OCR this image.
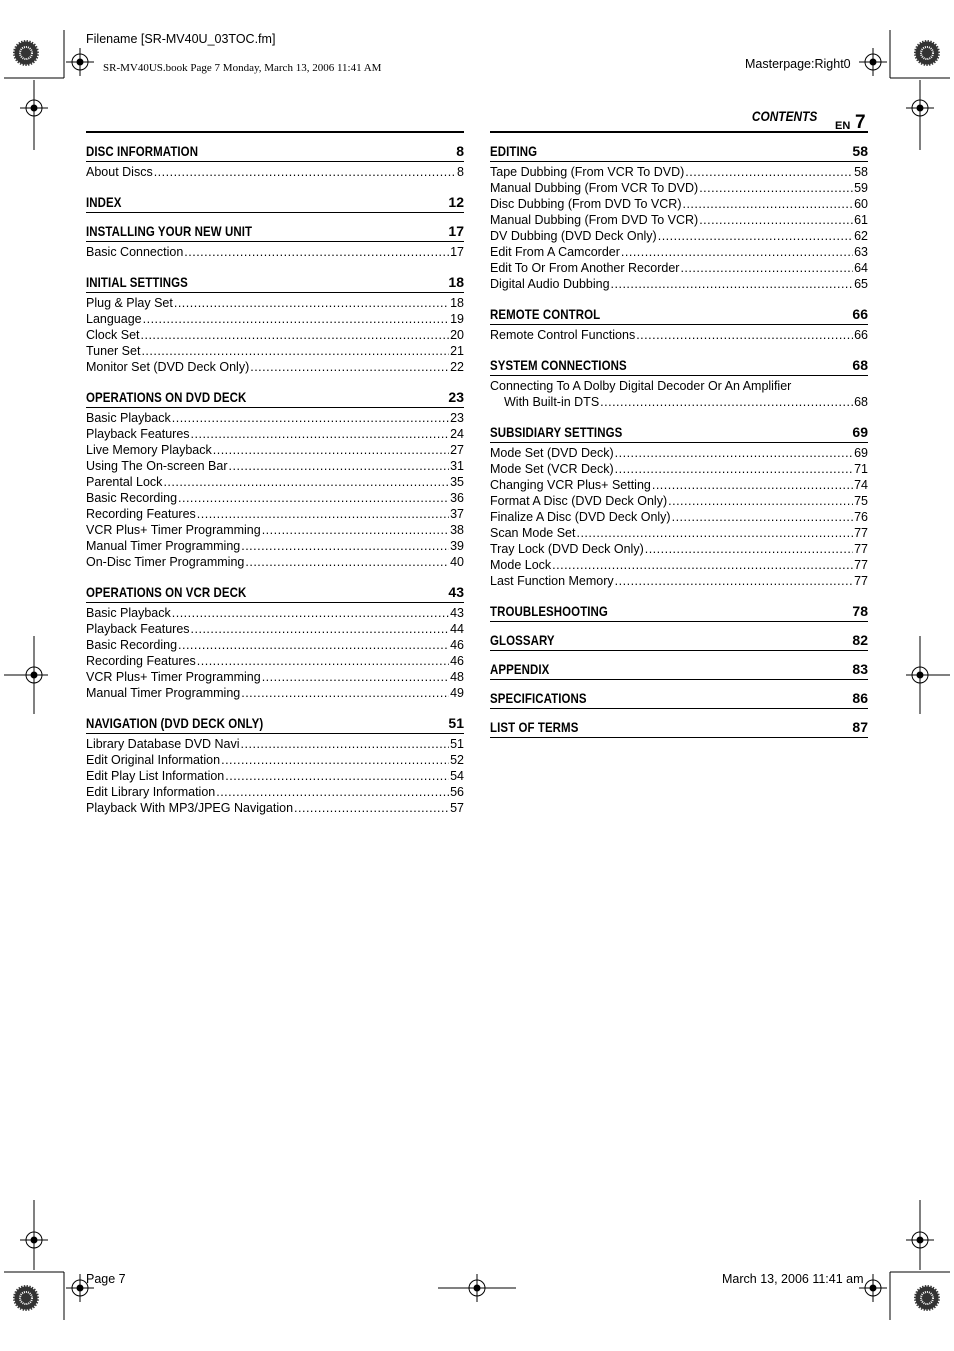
Filename [SR-MV40U_03TOC.fm]
SR-MV40US.book Page 7 Monday, March 13, 2006 11:41 AM	Masterpage:Right0
CONTENTS
EN 7
DISC INFORMATION	8
About Discs .....	8
INDEX	12
INSTALLING YOUR NEW UNIT	17
Basic Connection .....	17
INITIAL SETTINGS	18
Plug & Play Set .....	18
Language .....	19
Clock Set .....	20
Tuner Set .....	21
Monitor Set (DVD Deck Only) .....	22
OPERATIONS ON DVD DECK	23
Basic Playback .....	23
Playback Features .....	24
Live Memory Playback .....	27
Using The On-screen Bar .....	31
Parental Lock .....	35
Basic Recording .....	36
Recording Features .....	37
VCR Plus+ Timer Programming .....	38
Manual Timer Programming .....	39
On-Disc Timer Programming .....	40
OPERATIONS ON VCR DECK	43
Basic Playback .....	43
Playback Features .....	44
Basic Recording .....	46
Recording Features .....	46
VCR Plus+ Timer Programming .....	48
Manual Timer Programming .....	49
NAVIGATION (DVD DECK ONLY)	51
Library Database DVD Navi .....	51
Edit Original Information .....	52
Edit Play List Information .....	54
Edit Library Information .....	56
Playback With MP3/JPEG Navigation .....	57
EDITING	58
Tape Dubbing (From VCR To DVD) .....	58
Manual Dubbing (From VCR To DVD) .....	59
Disc Dubbing (From DVD To VCR) .....	60
Manual Dubbing (From DVD To VCR) .....	61
DV Dubbing (DVD Deck Only) .....	62
Edit From A Camcorder .....	63
Edit To Or From Another Recorder .....	64
Digital Audio Dubbing .....	65
REMOTE CONTROL	66
Remote Control Functions .....	66
SYSTEM CONNECTIONS	68
Connecting To A Dolby Digital Decoder Or An Amplifier
With Built-in DTS .....	68
SUBSIDIARY SETTINGS	69
Mode Set (DVD Deck) .....	69
Mode Set (VCR Deck) .....	71
Changing VCR Plus+ Setting .....	74
Format A Disc (DVD Deck Only) .....	75
Finalize A Disc (DVD Deck Only) .....	76
Scan Mode Set .....	77
Tray Lock (DVD Deck Only) .....	77
Mode Lock .....	77
Last Function Memory .....	77
TROUBLESHOOTING	78
GLOSSARY	82
APPENDIX	83
SPECIFICATIONS	86
LIST OF TERMS	87
Page 7	March 13, 2006 11:41 am
